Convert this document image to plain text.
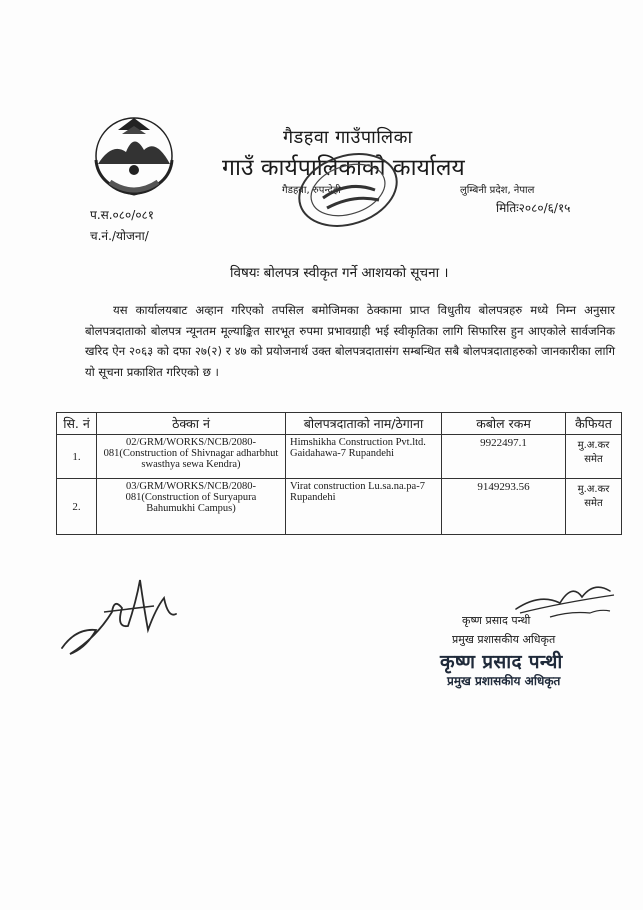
गैडहवा गाउँपालिका
गाउँ कार्यपालिकाको कार्यालय
गैडहवा, रुपन्देही	लुम्बिनी प्रदेश, नेपाल
प.स.०८०/०८१	मितिः२०८०/६/१५
च.नं./योजना/
विषयः बोलपत्र स्वीकृत गर्ने आशयको सूचना ।
यस कार्यालयबाट अव्हान गरिएको तपसिल बमोजिमका ठेक्कामा प्राप्त विधुतीय बोलपत्रहरु मध्ये निम्न अनुसार बोलपत्रदाताको बोलपत्र न्यूनतम मूल्याङ्कित सारभूत रुपमा प्रभावग्राही भई स्वीकृतिका लागि सिफारिस हुन आएकोले सार्वजनिक खरिद ऐन २०६३ को दफा २७(२) र ४७ को प्रयोजनार्थ उक्त बोलपत्रदातासंग सम्बन्धित सबै बोलपत्रदाताहरुको जानकारीका लागि यो सूचना प्रकाशित गरिएको छ ।
सि. नं	ठेक्का नं	बोलपत्रदाताको नाम/ठेगाना	कबोल रकम	कैफियत
1.	02/GRM/WORKS/NCB/2080-081(Construction of Shivnagar adharbhut swasthya sewa Kendra)	Himshikha Construction Pvt.ltd. Gaidahawa-7 Rupandehi	9922497.1	मु.अ.कर समेत
2.	03/GRM/WORKS/NCB/2080-081(Construction of Suryapura Bahumukhi Campus)	Virat construction Lu.sa.na.pa-7 Rupandehi	9149293.56	मु.अ.कर समेत
कृष्ण प्रसाद पन्थी
प्रमुख प्रशासकीय अधिकृत
कृष्ण प्रसाद पन्थी
प्रमुख प्रशासकीय अधिकृत
